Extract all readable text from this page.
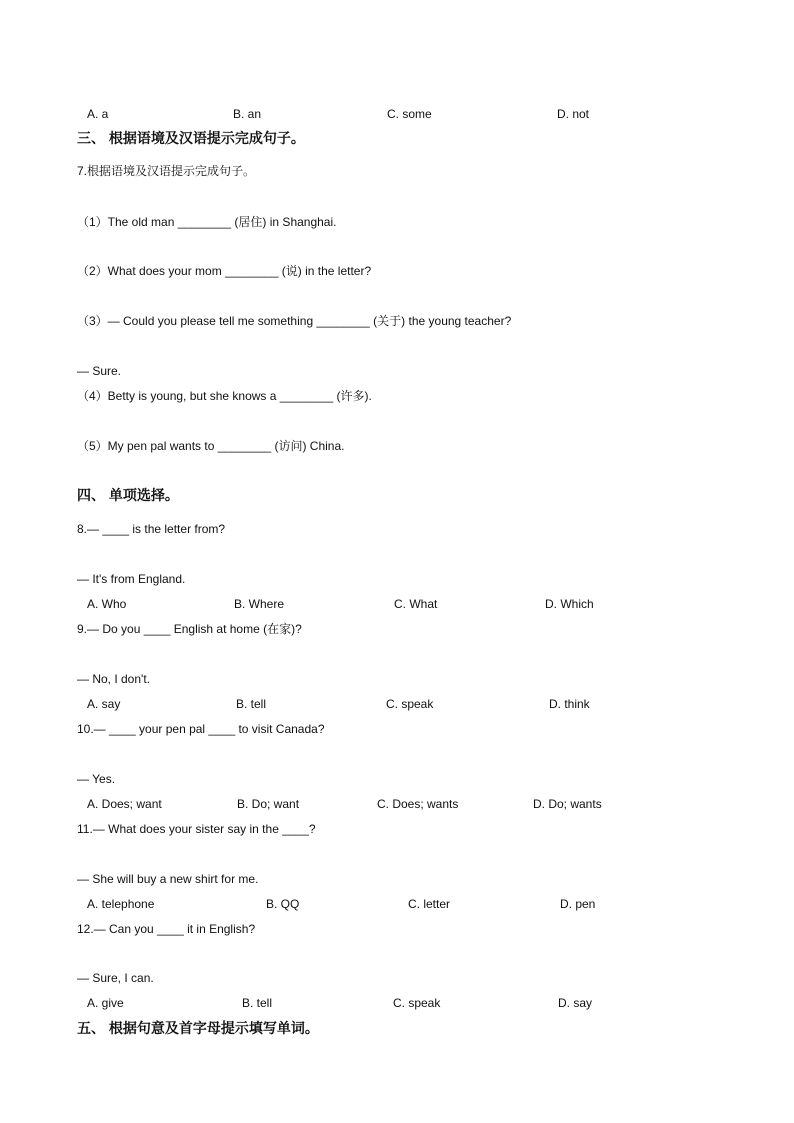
A. a	B. an	C. some	D. not
三、 根据语境及汉语提示完成句子。
7.根据语境及汉语提示完成句子。
（1）The old man ________ (居住) in Shanghai.
（2）What does your mom ________ (说) in the letter?
（3）— Could you please tell me something ________ (关于) the young teacher?
— Sure.
（4）Betty is young, but she knows a ________ (许多).
（5）My pen pal wants to ________ (访问) China.
四、 单项选择。
8.— ____ is the letter from?
— It's from England.
A. Who	B. Where	C. What	D. Which
9.— Do you ____ English at home (在家)?
— No, I don't.
A. say	B. tell	C. speak	D. think
10.— ____ your pen pal ____ to visit Canada?
— Yes.
A. Does; want	B. Do; want	C. Does; wants	D. Do; wants
11.— What does your sister say in the ____?
— She will buy a new shirt for me.
A. telephone	B. QQ	C. letter	D. pen
12.— Can you ____ it in English?
— Sure, I can.
A. give	B. tell	C. speak	D. say
五、 根据句意及首字母提示填写单词。
